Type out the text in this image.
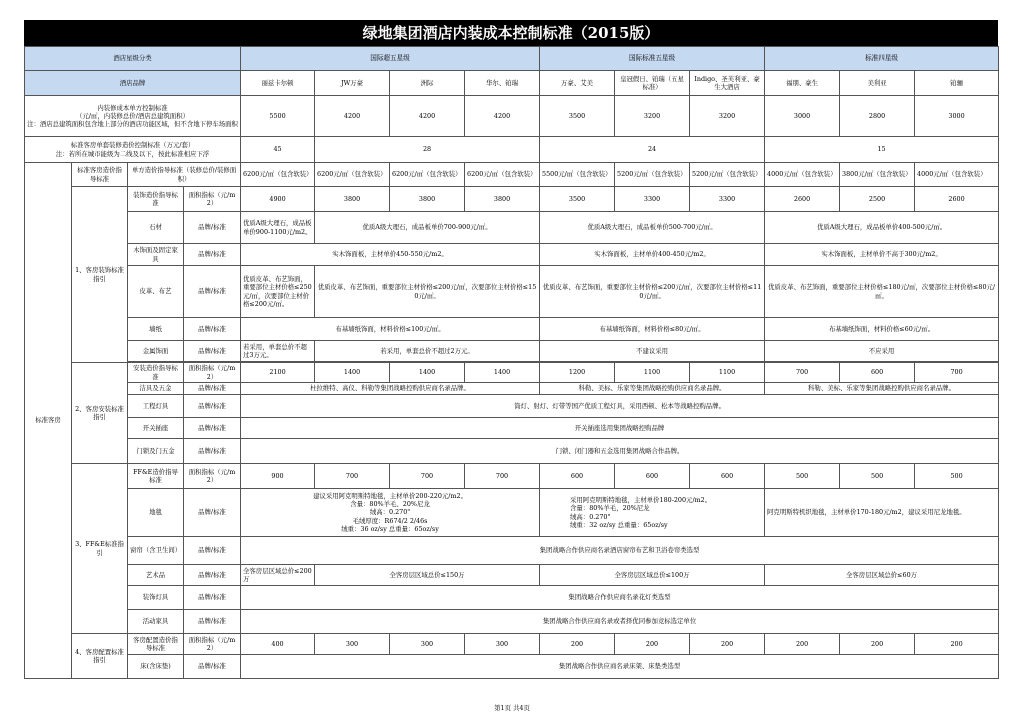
绿地集团酒店内装成本控制标准（2015版）
酒店星级分类				国际超五星级				国际标准五星级			标准四星级		
酒店品牌				丽兹卡尔顿	JW万豪	洲际	华尔、铂瑞	万豪、艾美	皇冠假日、铂瑞（五星标准）	Indigo、圣芙利亚、豪生大酒店	福朋、豪生	美利亚	铂骊
内装修成本单方控制标准
（元/㎡，内装修总价/酒店总建筑面积）
注：酒店总建筑面积包含地上部分的酒店功能区域，但不含地下停车场面积				5500	4200	4200	4200	3500	3200	3200	3000	2800	3000
标准客房单套装修造价控制标准（万元/套）
注：若所在城市能级为二线及以下，按此标准相应下浮				45	28			24			15		
标准客房	标准客房造价指导标准	单方造价指导标准（装修总价/装修面积）		6200元/㎡（包含软装）	6200元/㎡（包含软装）	6200元/㎡（包含软装）	6200元/㎡（包含软装）	5500元/㎡（包含软装）	5200元/㎡（包含软装）	5200元/㎡（包含软装）	4000元/㎡（包含软装）	3800元/㎡（包含软装）	4000元/㎡（包含软装）
	1、客房装饰标准指引	装饰造价指导标准	面积指标（元/m2）	4900	3800	3800	3800	3500	3300	3300	2600	2500	2600
		石材	品牌/标准	优质A级大理石，成品板单价900-1100元/m2。	优质A级大理石，成品板单价700-900元/㎡。			优质A级大理石，成品板单价500-700元/㎡。			优质A级大理石，成品板单价400-500元/㎡。		
		木饰面及固定家具	品牌/标准	实木饰面板，主材单价450-550元/m2。				实木饰面板，主材单价400-450元/m2。			实木饰面板，主材单价不高于300元/m2。		
		皮革、布艺	品牌/标准	优质皮革、布艺饰面，重要部位主材价格≤250元/㎡，次要部位主材价格≤200元/㎡。	优质皮革、布艺饰面，重要部位主材价格≤200元/㎡，次要部位主材价格≤150元/㎡。			优质皮革、布艺饰面，重要部位主材价格≤200元/㎡，次要部位主材价格≤110元/㎡。			优质皮革、布艺饰面，重要部位主材价格≤180元/㎡，次要部位主材价格≤80元/㎡。		
		墙纸	品牌/标准	布基墙纸饰面，材料价格≤100元/㎡。				布基墙纸饰面，材料价格≤80元/㎡。			布基墙纸饰面，材料价格≤60元/㎡。		
		金属饰面	品牌/标准	若采用，单套总价不超过3万元。	若采用，单套总价不超过2万元。			不建议采用			不应采用		

	2、客房安装标准指引	安装造价指导标准	面积指标（元/m2）	2100	1400	1400	1400	1200	1100	1100	700	600	700
		洁具及五金	品牌/标准	杜拉维特、高仪、科勒等集团战略控购供应商名录品牌。				科勒、美标、乐家等集团战略控购供应商名录品牌。			科勒、美标、乐家等集团战略控购供应商名录品牌。		
		工程灯具	品牌/标准	筒灯、射灯、灯带等国产优质工程灯具，采用西顿、松本等战略控购品牌。									
		开关插座	品牌/标准	开关插座选用集团战略控购品牌									
		门锁及门五金	品牌/标准	门锁、闭门器和五金选用集团战略合作品牌。									
	3、FF&E标准指引	FF&E造价指导标准	面积指标（元/m2）	900	700	700	700	600	600	600	500	500	500
		地毯	品牌/标准	建议采用阿克明斯特地毯，主材单价200-220元/m2。
含量：80%羊毛、20%尼龙
绒高：0.270"
毛绒厚度：R674/2 2/46s
绒重：36 oz/sy 总重量：65oz/sy				采用阿克明斯特地毯，主材单价180-200元/m2。
含量：80%羊毛，20%尼龙
绒高：0.270"
绒重：32 oz/sy 总重量：65oz/sy			阿克明斯特机织地毯，主材单价170-180元/m2，建议采用尼龙地毯。		
		窗帘（含卫生间）	品牌/标准	集团战略合作供应商名录酒店窗帘布艺和卫浴卷帘类选型									
		艺术品	品牌/标准	全客房层区域总价≤200万	全客房层区域总价≤150万			全客房层区域总价≤100万			全客房层区域总价≤60万		
		装饰灯具	品牌/标准	集团战略合作供应商名录花灯类选型									
		活动家具	品牌/标准	集团战略合作供应商名录或者择优同参加竞标选定单位									
	4、客房配置标准指引	客房配置造价指导标准	面积指标（元/m2）	400	300	300	300	200	200	200	200	200	200
		床(含床垫)	品牌/标准	集团战略合作供应商名录床架、床垫类选型									
第1页 共4页
